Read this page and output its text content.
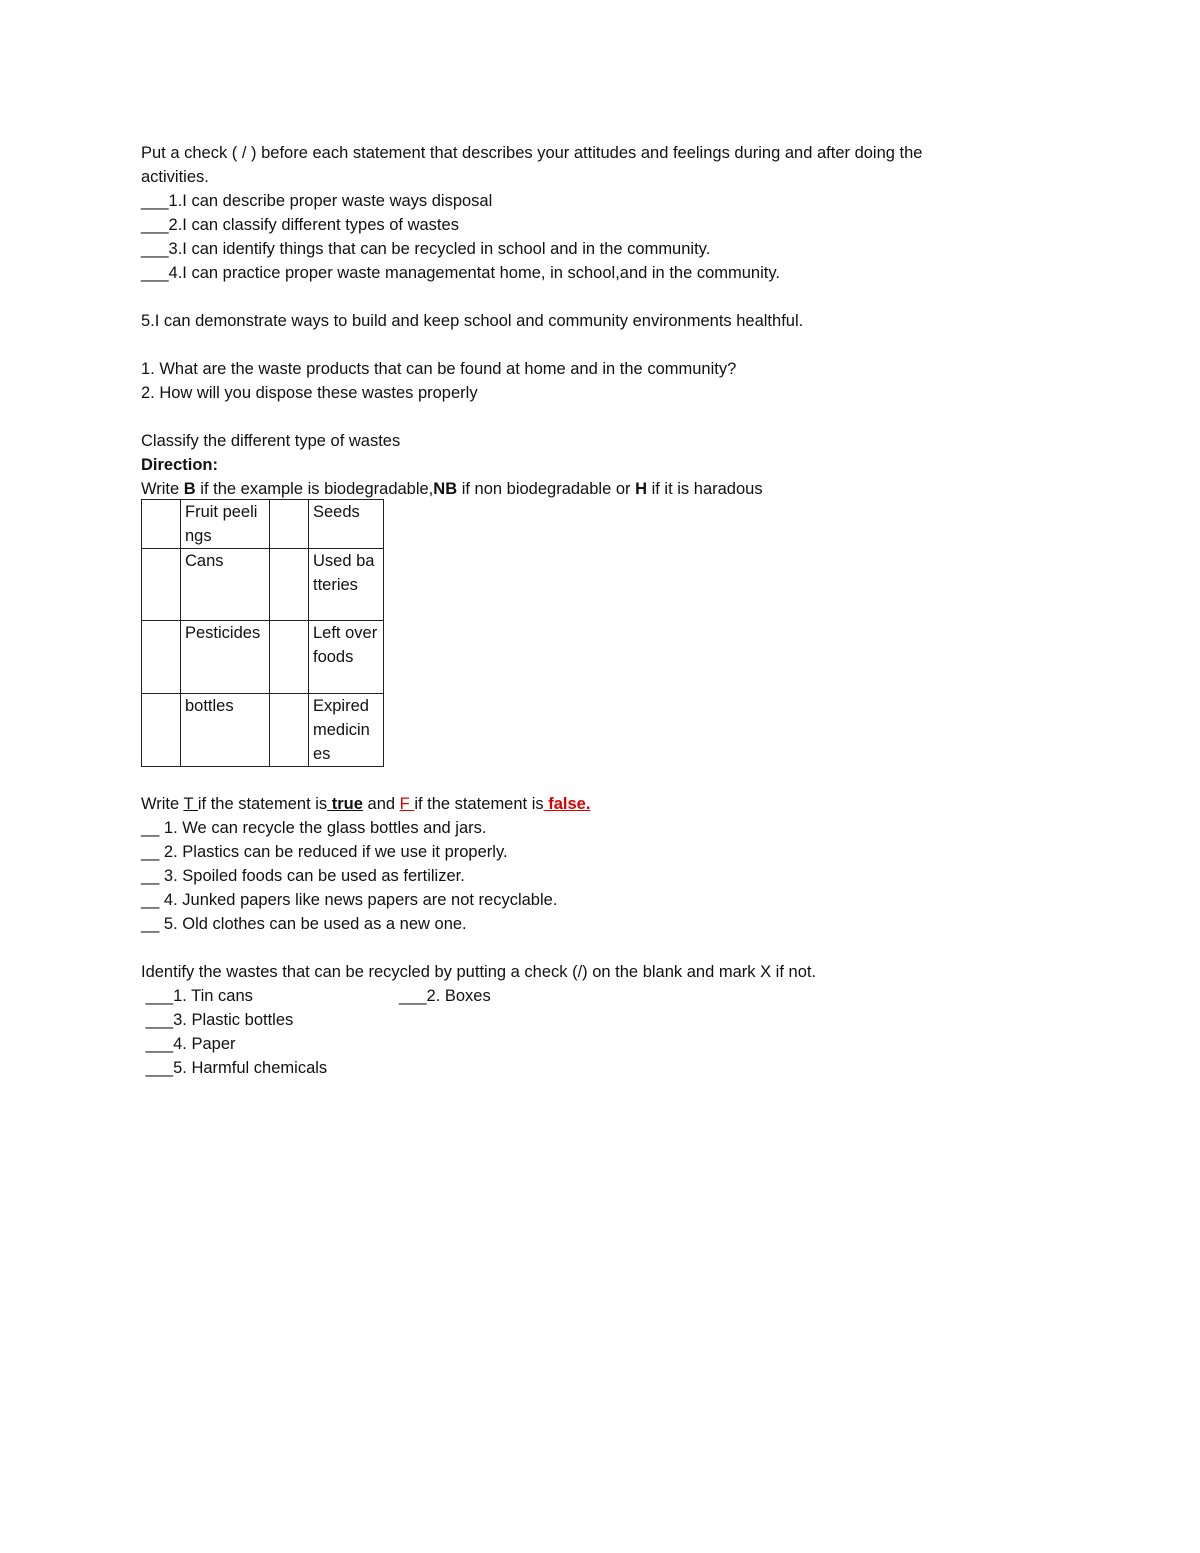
Put a check ( / ) before each statement that describes your attitudes and feelings during and after doing the
activities.
___1.I can describe proper waste ways disposal
___2.I can classify different types of wastes
___3.I can identify things that can be recycled in school and in the community.
___4.I can practice proper waste managementat home, in school,and in the community.
5.I can demonstrate ways to build and keep school and community environments healthful.
1. What are the waste products that can be found at home and in the community?
2. How will you dispose these wastes properly
Classify the different type of wastes
Direction:
Write B if the example is biodegradable,NB if non biodegradable or H if it is haradous
	Fruit peelings		Seeds
	Cans		Used batteries
	Pesticides		Left over foods
	bottles		Expired medicines
Write T if the statement is true and F if the statement is false.
__ 1. We can recycle the glass bottles and jars.
__ 2. Plastics can be reduced if we use it properly.
__ 3. Spoiled foods can be used as fertilizer.
__ 4. Junked papers like news papers are not recyclable.
__ 5. Old clothes can be used as a new one.
Identify the wastes that can be recycled by putting a check (/) on the blank and mark X if not.
___1. Tin cans	___2. Boxes
___3. Plastic bottles
___4. Paper
___5. Harmful chemicals
